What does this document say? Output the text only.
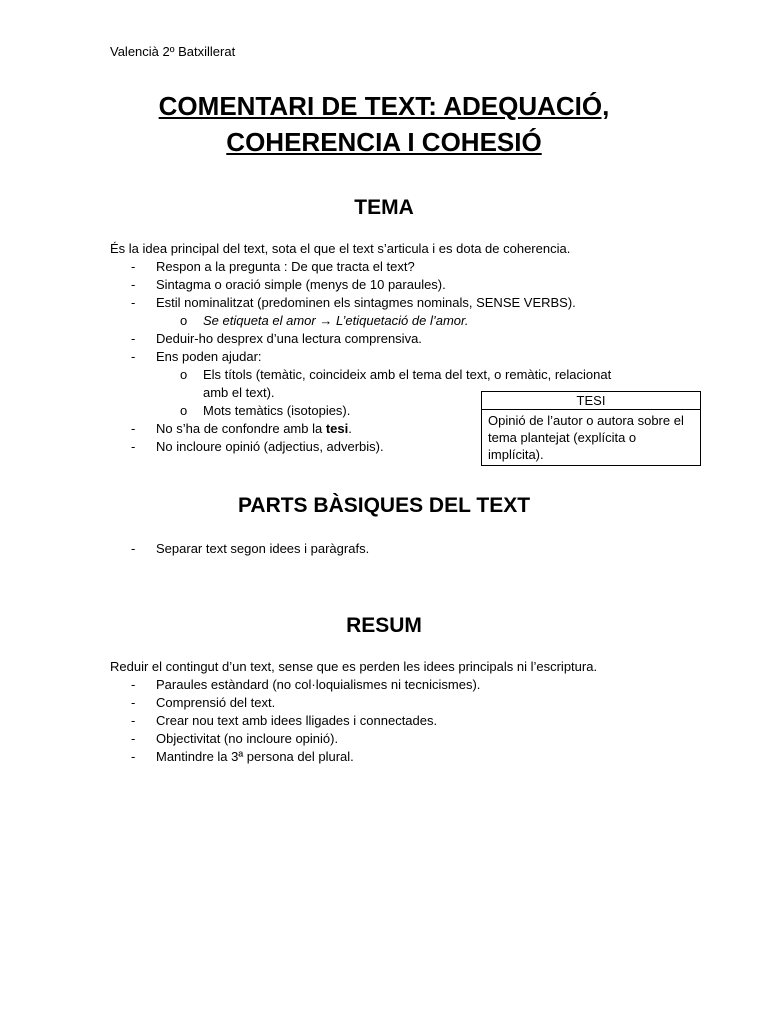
Valencià 2º Batxillerat
COMENTARI DE TEXT: ADEQUACIÓ,
COHERENCIA I COHESIÓ
TEMA
És la idea principal del text, sota el que el text s’articula i es dota de coherencia.
- Respon a la pregunta : De que tracta el text?
- Sintagma o oració simple (menys de 10 paraules).
- Estil nominalitzat (predominen els sintagmes nominals, SENSE VERBS).
o Se etiqueta el amor → L’etiquetació de l’amor.
- Deduir-ho desprex d’una lectura comprensiva.
- Ens poden ajudar:
o Els títols (temàtic, coincideix amb el tema del text, o remàtic, relacionat
amb el text).
o Mots temàtics (isotopies).
- No s’ha de confondre amb la tesi.
- No incloure opinió (adjectius, adverbis).
TESI
Opinió de l’autor o autora sobre el tema plantejat (explícita o implícita).
PARTS BÀSIQUES DEL TEXT
- Separar text segon idees i paràgrafs.
RESUM
Reduir el contingut d’un text, sense que es perden les idees principals ni l’escriptura.
- Paraules estàndard (no col·loquialismes ni tecnicismes).
- Comprensió del text.
- Crear nou text amb idees lligades i connectades.
- Objectivitat (no incloure opinió).
- Mantindre la 3ª persona del plural.
